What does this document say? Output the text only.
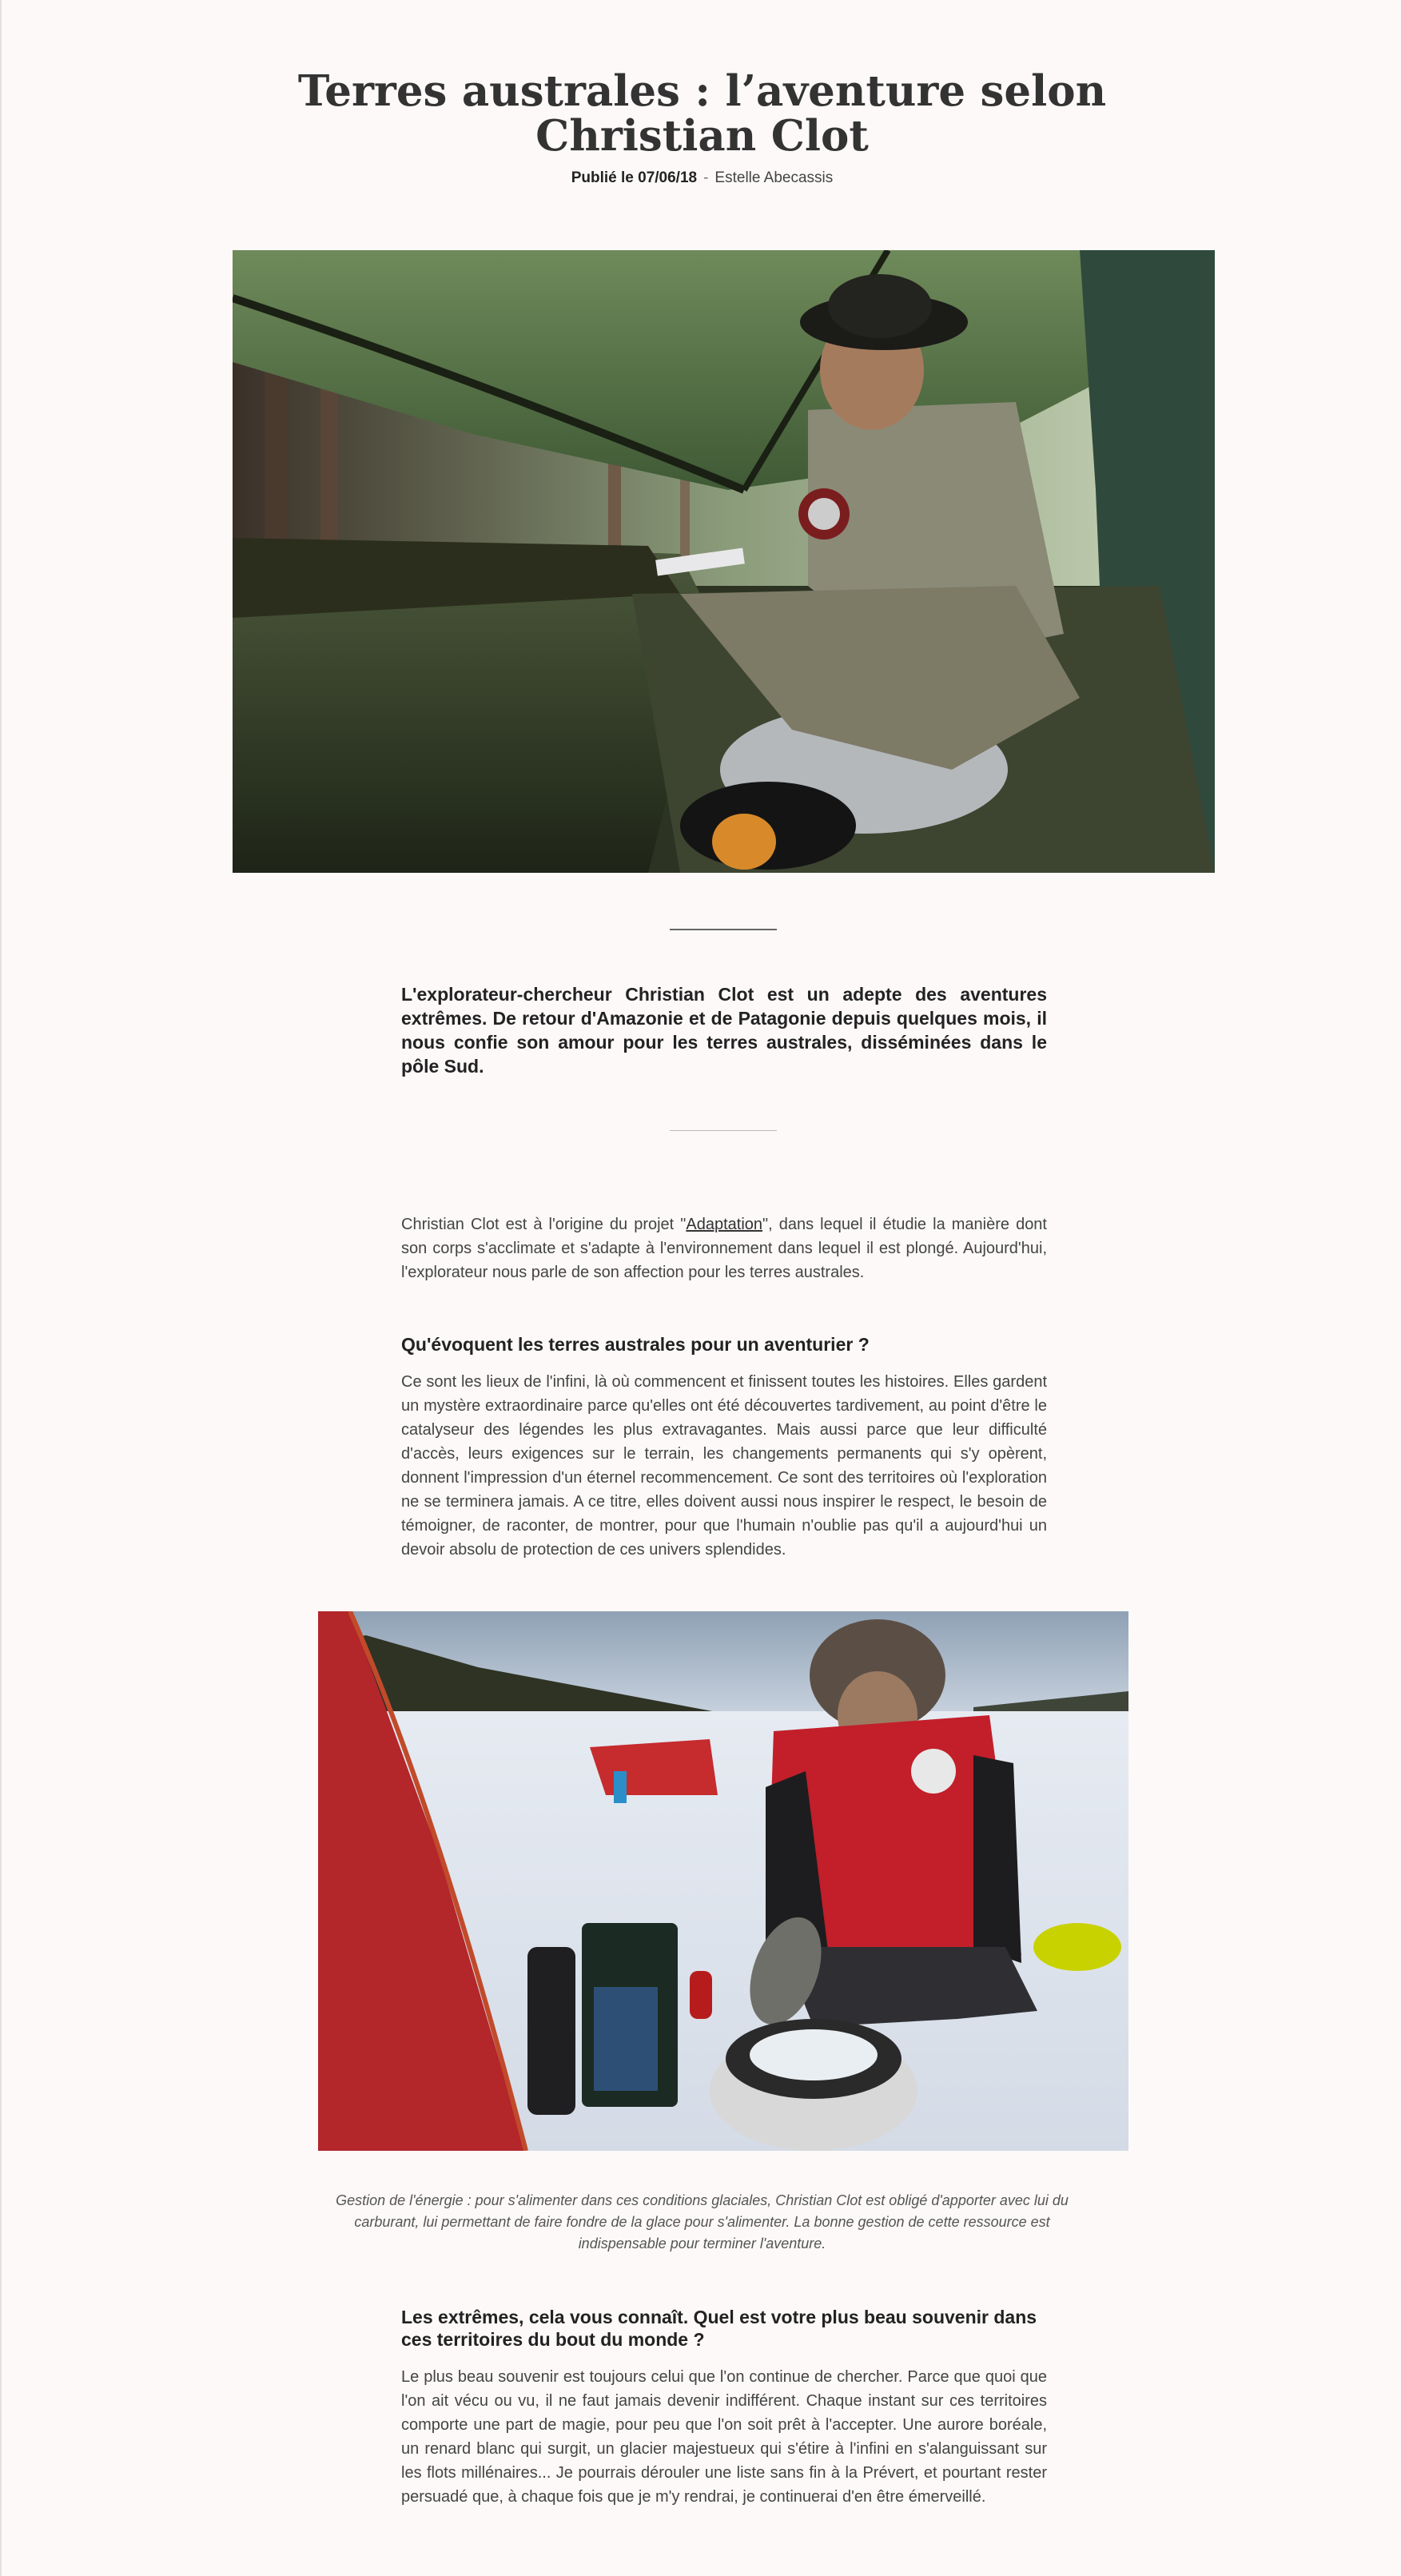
Terres australes : l’aventure selon Christian Clot
Publié le 07/06/18 - Estelle Abecassis

L'explorateur-chercheur Christian Clot est un adepte des aventures extrêmes. De retour d'Amazonie et de Patagonie depuis quelques mois, il nous confie son amour pour les terres australes, disséminées dans le pôle Sud.

Christian Clot est à l'origine du projet "Adaptation", dans lequel il étudie la manière dont son corps s'acclimate et s'adapte à l'environnement dans lequel il est plongé. Aujourd'hui, l'explorateur nous parle de son affection pour les terres australes.

Qu'évoquent les terres australes pour un aventurier ?

Ce sont les lieux de l'infini, là où commencent et finissent toutes les histoires. Elles gardent un mystère extraordinaire parce qu'elles ont été découvertes tardivement, au point d'être le catalyseur des légendes les plus extravagantes. Mais aussi parce que leur difficulté d'accès, leurs exigences sur le terrain, les changements permanents qui s'y opèrent, donnent l'impression d'un éternel recommencement. Ce sont des territoires où l'exploration ne se terminera jamais. A ce titre, elles doivent aussi nous inspirer le respect, le besoin de témoigner, de raconter, de montrer, pour que l'humain n'oublie pas qu'il a aujourd'hui un devoir absolu de protection de ces univers splendides.

Gestion de l'énergie : pour s'alimenter dans ces conditions glaciales, Christian Clot est obligé d'apporter avec lui du carburant, lui permettant de faire fondre de la glace pour s'alimenter. La bonne gestion de cette ressource est indispensable pour terminer l'aventure.

Les extrêmes, cela vous connaît. Quel est votre plus beau souvenir dans ces territoires du bout du monde ?

Le plus beau souvenir est toujours celui que l'on continue de chercher. Parce que quoi que l'on ait vécu ou vu, il ne faut jamais devenir indifférent. Chaque instant sur ces territoires comporte une part de magie, pour peu que l'on soit prêt à l'accepter. Une aurore boréale, un renard blanc qui surgit, un glacier majestueux qui s'étire à l'infini en s'alanguissant sur les flots millénaires... Je pourrais dérouler une liste sans fin à la Prévert, et pourtant rester persuadé que, à chaque fois que je m'y rendrai, je continuerai d'en être émerveillé.
